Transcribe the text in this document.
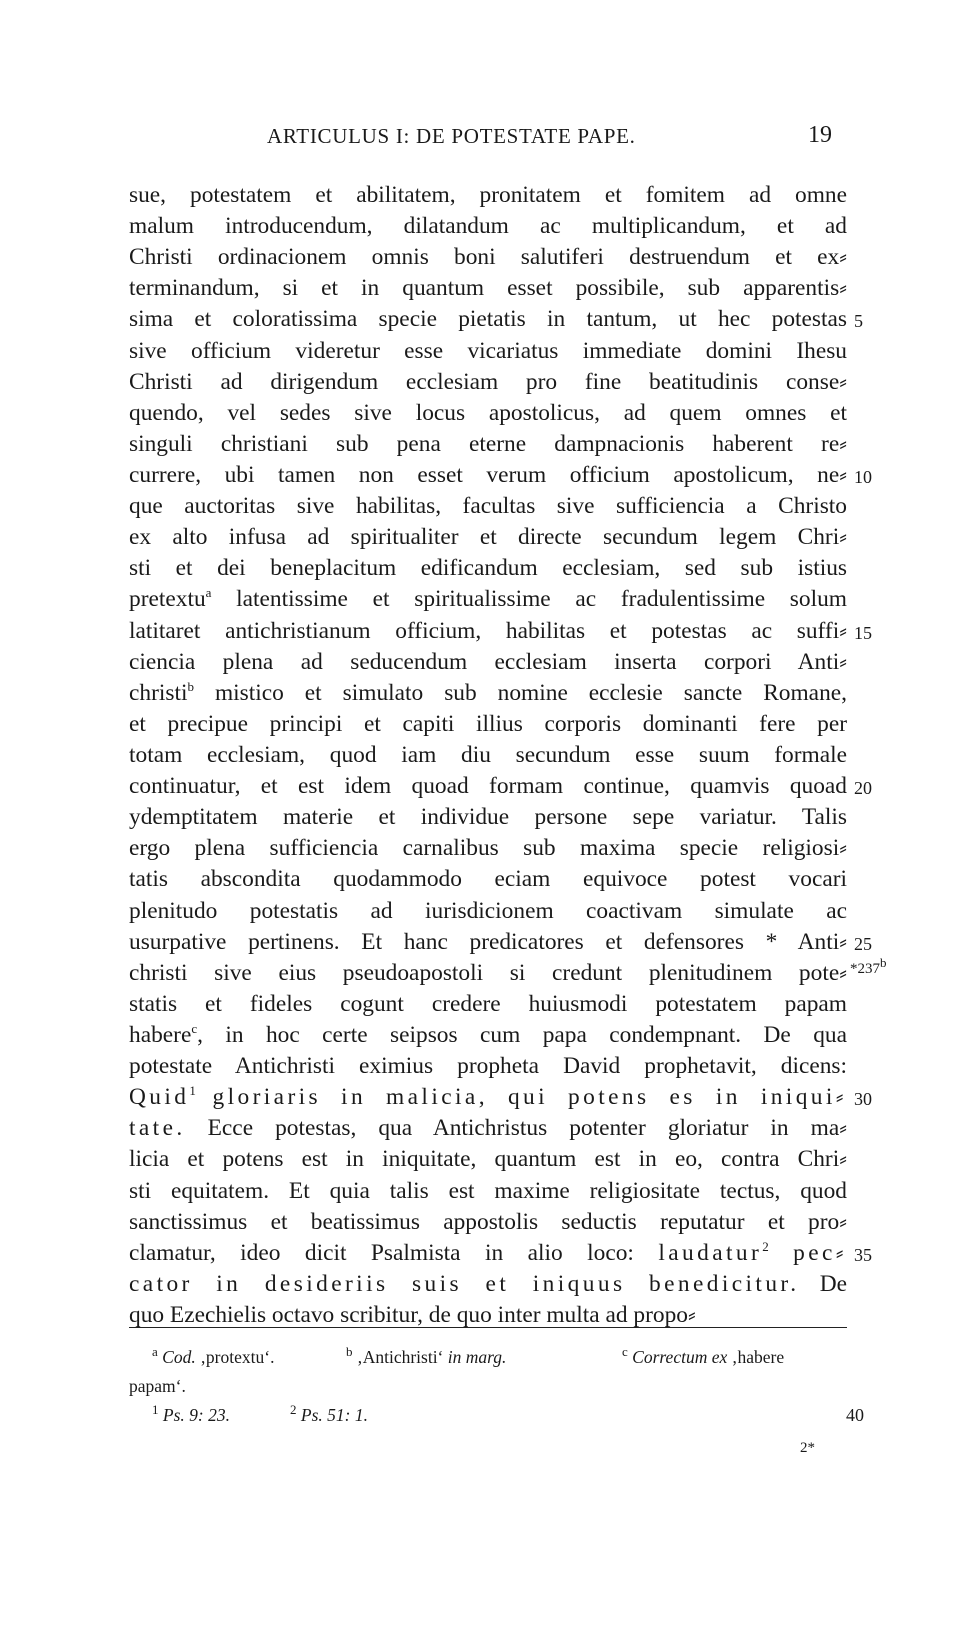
ARTICULUS I: DE POTESTATE PAPE.	19
sue, potestatem et abilitatem, pronitatem et fomitem ad omne
malum introducendum, dilatandum ac multiplicandum, et ad
Christi ordinacionem omnis boni salutiferi destruendum et ex⸗
terminandum, si et in quantum esset possibile, sub apparentis⸗
sima et coloratissima specie pietatis in tantum, ut hec potestas 5
sive officium videretur esse vicariatus immediate domini Ihesu
Christi ad dirigendum ecclesiam pro fine beatitudinis conse⸗
quendo, vel sedes sive locus apostolicus, ad quem omnes et
singuli christiani sub pena eterne dampnacionis haberent re⸗
currere, ubi tamen non esset verum officium apostolicum, ne⸗ 10
que auctoritas sive habilitas, facultas sive sufficiencia a Christo
ex alto infusa ad spiritualiter et directe secundum legem Chri⸗
sti et dei beneplacitum edificandum ecclesiam, sed sub istius
pretextu$^a$ latentissime et spiritualissime ac fradulentissime solum
latitaret antichristianum officium, habilitas et potestas ac suffi⸗ 15
ciencia plena ad seducendum ecclesiam inserta corpori Anti⸗
christi$^b$ mistico et simulato sub nomine ecclesie sancte Romane,
et precipue principi et capiti illius corporis dominanti fere per
totam ecclesiam, quod iam diu secundum esse suum formale
continuatur, et est idem quoad formam continue, quamvis quoad 20
ydemptitatem materie et individue persone sepe variatur. Talis
ergo plena sufficiencia carnalibus sub maxima specie religiosi⸗
tatis abscondita quodammodo eciam equivoce potest vocari
plenitudo potestatis ad iurisdicionem coactivam simulate ac
usurpative pertinens. Et hanc predicatores et defensores * Anti⸗ 25
christi sive eius pseudoapostoli si credunt plenitudinem pote⸗ *237$^b$
statis et fideles cogunt credere huiusmodi potestatem papam
habere$^c$, in hoc certe seipsos cum papa condempnant. De qua
potestate Antichristi eximius propheta David prophetavit, dicens:
Quid$^1$ gloriaris in malicia, qui potens es in iniqui⸗ 30
tate. Ecce potestas, qua Antichristus potenter gloriatur in ma⸗
licia et potens est in iniquitate, quantum est in eo, contra Chri⸗
sti equitatem. Et quia talis est maxime religiositate tectus, quod
sanctissimus et beatissimus appostolis seductis reputatur et pro⸗
clamatur, ideo dicit Psalmista in alio loco: laudatur$^2$ pec⸗ 35
cator in desideriis suis et iniquus benedicitur. De
quo Ezechielis octavo scribitur, de quo inter multa ad propo⸗
$^a$ Cod. ‚protextu‘.	$^b$ ‚Antichristi‘ in marg.	$^c$ Correctum ex ‚habere
papam‘.
$^1$ Ps. 9: 23.	$^2$ Ps. 51: 1.	40
2*
